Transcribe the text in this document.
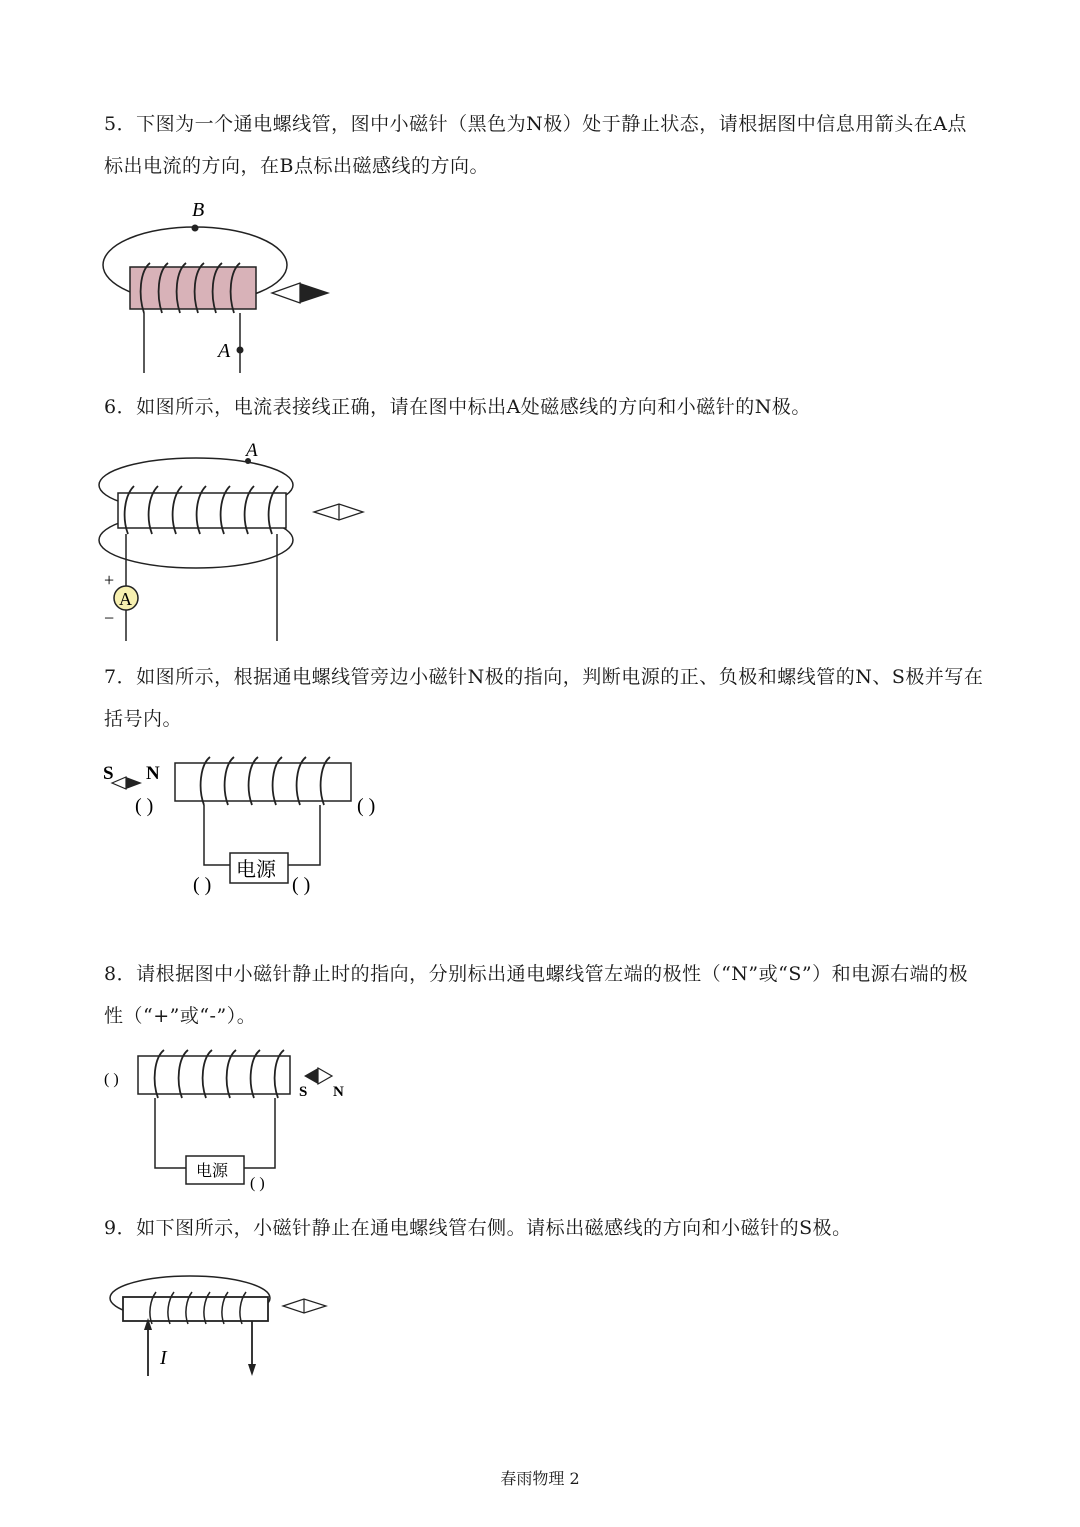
5．下图为一个通电螺线管，图中小磁针（黑色为N极）处于静止状态，请根据图中信息用箭头在A点标出电流的方向，在B点标出磁感线的方向。

B
A

6．如图所示，电流表接线正确，请在图中标出A处磁感线的方向和小磁针的N极。

A
A
+
−

7．如图所示，根据通电螺线管旁边小磁针N极的指向，判断电源的正、负极和螺线管的N、S极并写在括号内。

S N
( )	( )
电源
( )	( )

8．请根据图中小磁针静止时的指向，分别标出通电螺线管左端的极性（“N”或“S”）和电源右端的极性（“+”或“-”）。

( )
电源
( )
S N

9．如下图所示，小磁针静止在通电螺线管右侧。请标出磁感线的方向和小磁针的S极。

I
春雨物理 2
